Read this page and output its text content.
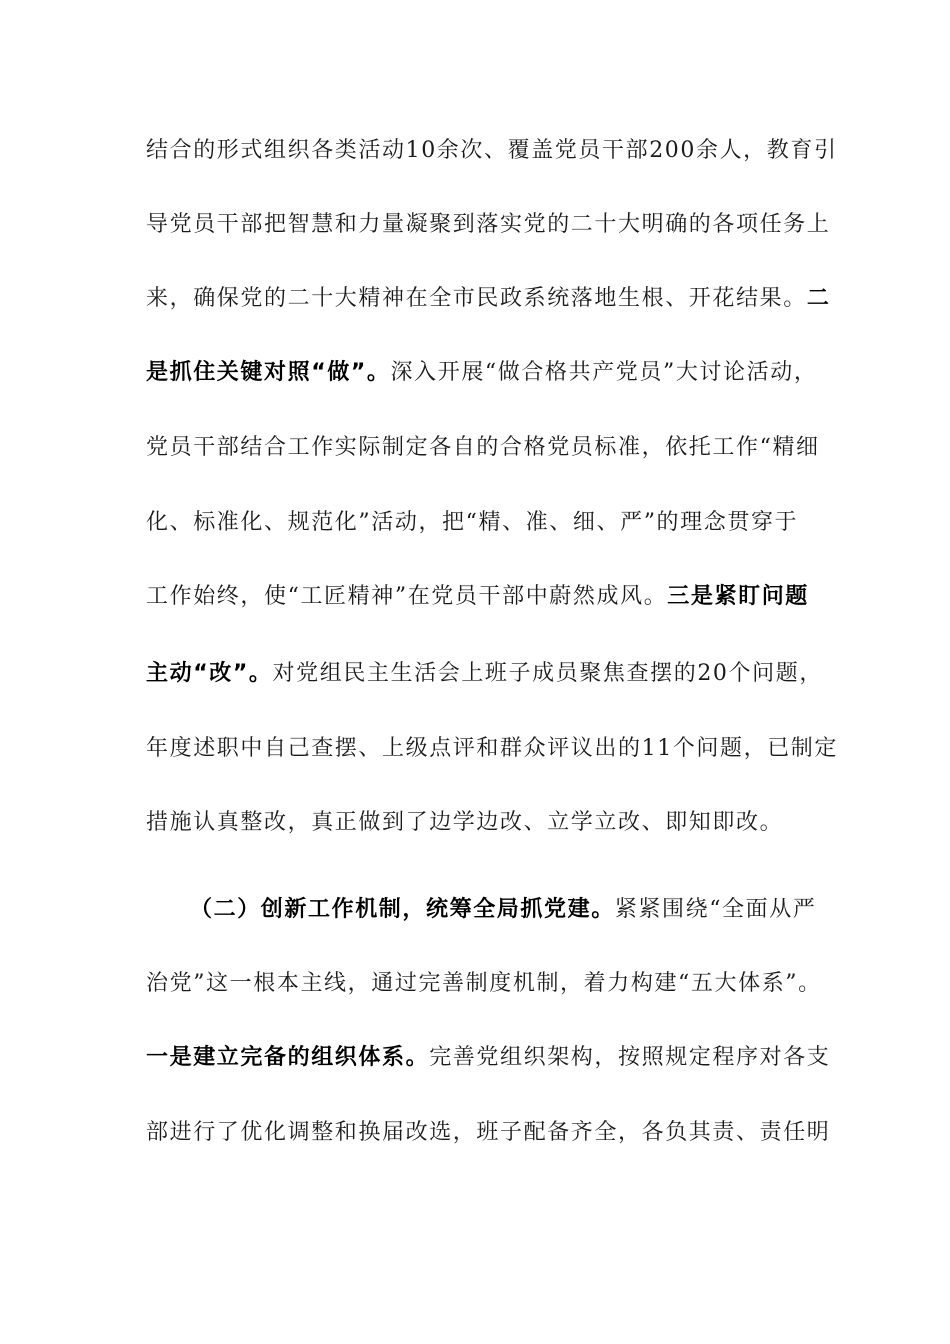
结合的形式组织各类活动10余次、覆盖党员干部200余人，教育引
导党员干部把智慧和力量凝聚到落实党的二十大明确的各项任务上
来，确保党的二十大精神在全市民政系统落地生根、开花结果。二
是抓住关键对照“做”。深入开展“做合格共产党员”大讨论活动，
党员干部结合工作实际制定各自的合格党员标准，依托工作“精细
化、标准化、规范化”活动，把“精、准、细、严”的理念贯穿于
工作始终，使“工匠精神”在党员干部中蔚然成风。三是紧盯问题
主动“改”。对党组民主生活会上班子成员聚焦查摆的20个问题，
年度述职中自己查摆、上级点评和群众评议出的11个问题，已制定
措施认真整改，真正做到了边学边改、立学立改、即知即改。
（二）创新工作机制，统筹全局抓党建。紧紧围绕“全面从严
治党”这一根本主线，通过完善制度机制，着力构建“五大体系”。
一是建立完备的组织体系。完善党组织架构，按照规定程序对各支
部进行了优化调整和换届改选，班子配备齐全，各负其责、责任明
